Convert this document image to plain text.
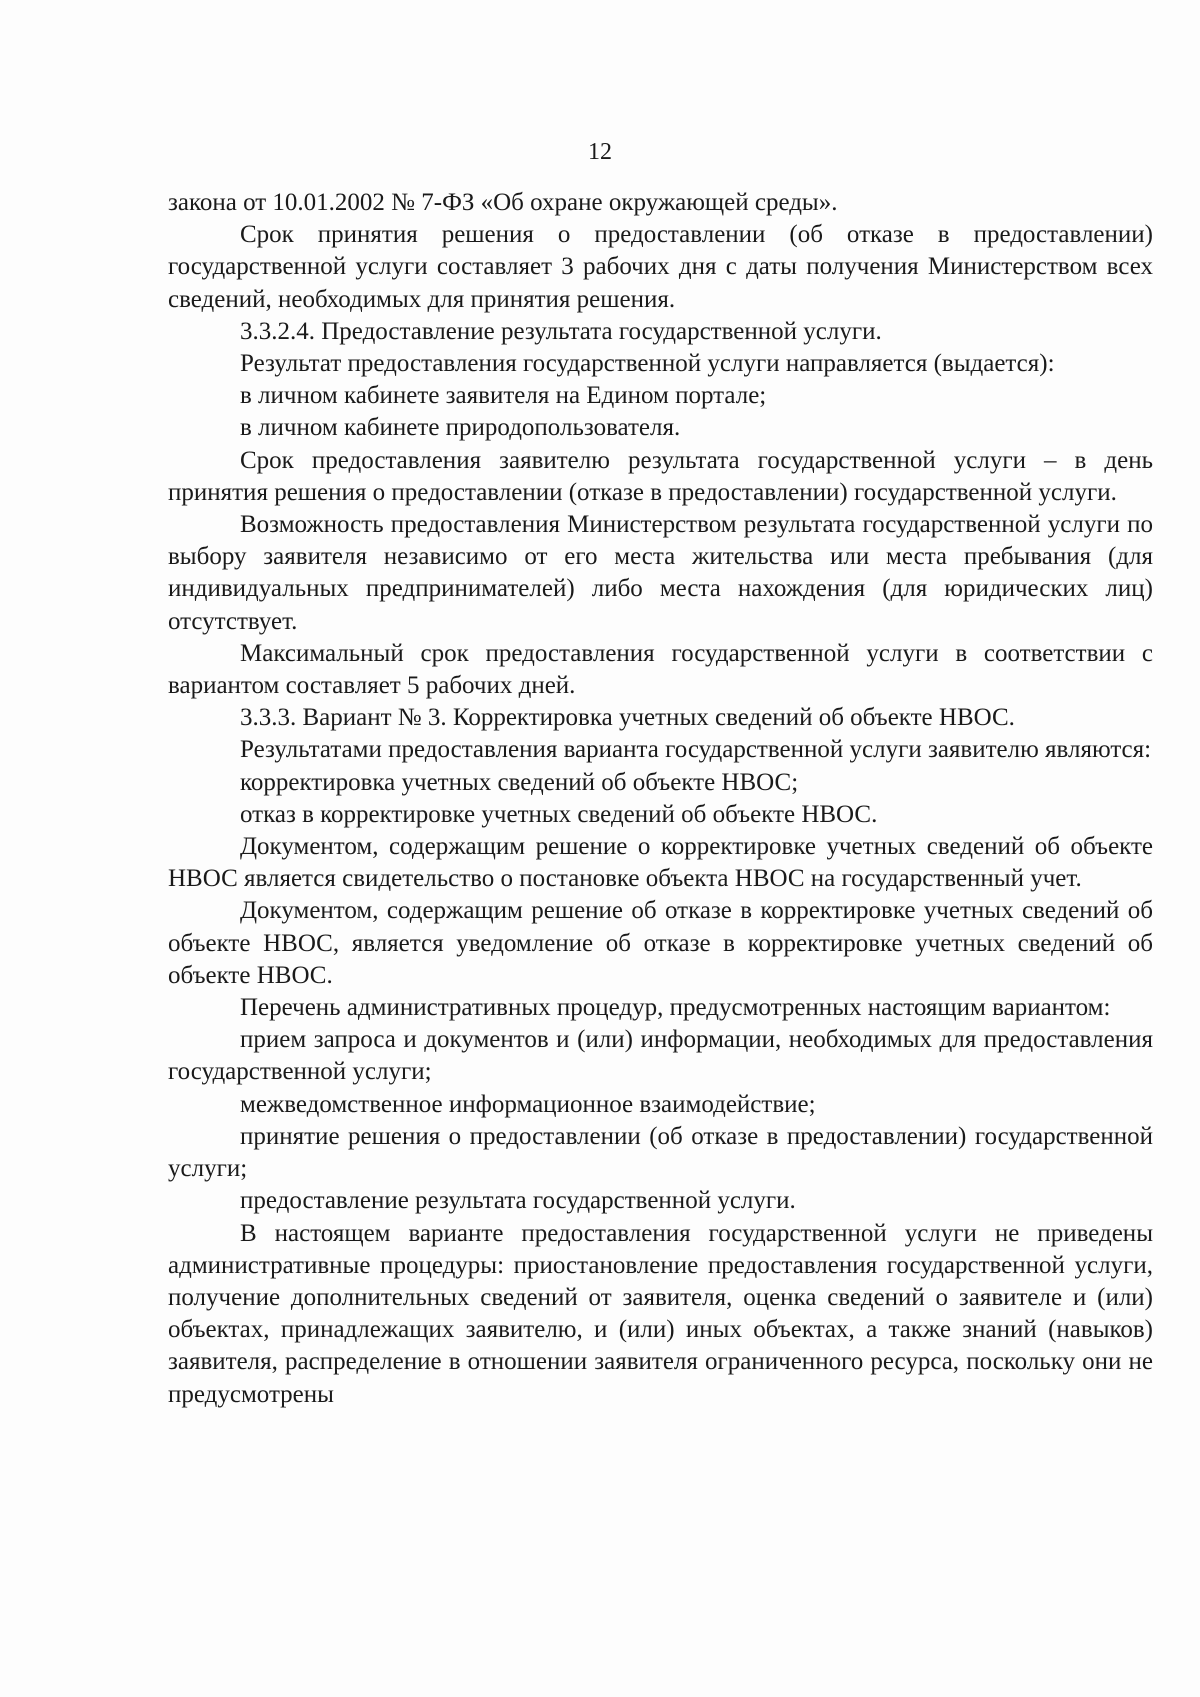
12

закона от 10.01.2002 № 7-ФЗ «Об охране окружающей среды».

Срок принятия решения о предоставлении (об отказе в предоставлении) государственной услуги составляет 3 рабочих дня с даты получения Министерством всех сведений, необходимых для принятия решения.

3.3.2.4. Предоставление результата государственной услуги.

Результат предоставления государственной услуги направляется (выдается):

в личном кабинете заявителя на Едином портале;

в личном кабинете природопользователя.

Срок предоставления заявителю результата государственной услуги – в день принятия решения о предоставлении (отказе в предоставлении) государственной услуги.

Возможность предоставления Министерством результата государственной услуги по выбору заявителя независимо от его места жительства или места пребывания (для индивидуальных предпринимателей) либо места нахождения (для юридических лиц) отсутствует.

Максимальный срок предоставления государственной услуги в соответствии с вариантом составляет 5 рабочих дней.

3.3.3. Вариант № 3. Корректировка учетных сведений об объекте НВОС.

Результатами предоставления варианта государственной услуги заявителю являются:

корректировка учетных сведений об объекте НВОС;

отказ в корректировке учетных сведений об объекте НВОС.

Документом, содержащим решение о корректировке учетных сведений об объекте НВОС является свидетельство о постановке объекта НВОС на государственный учет.

Документом, содержащим решение об отказе в корректировке учетных сведений об объекте НВОС, является уведомление об отказе в корректировке учетных сведений об объекте НВОС.

Перечень административных процедур, предусмотренных настоящим вариантом:

прием запроса и документов и (или) информации, необходимых для предоставления государственной услуги;

межведомственное информационное взаимодействие;

принятие решения о предоставлении (об отказе в предоставлении) государственной услуги;

предоставление результата государственной услуги.

В настоящем варианте предоставления государственной услуги не приведены административные процедуры: приостановление предоставления государственной услуги, получение дополнительных сведений от заявителя, оценка сведений о заявителе и (или) объектах, принадлежащих заявителю, и (или) иных объектах, а также знаний (навыков) заявителя, распределение в отношении заявителя ограниченного ресурса, поскольку они не предусмотрены
